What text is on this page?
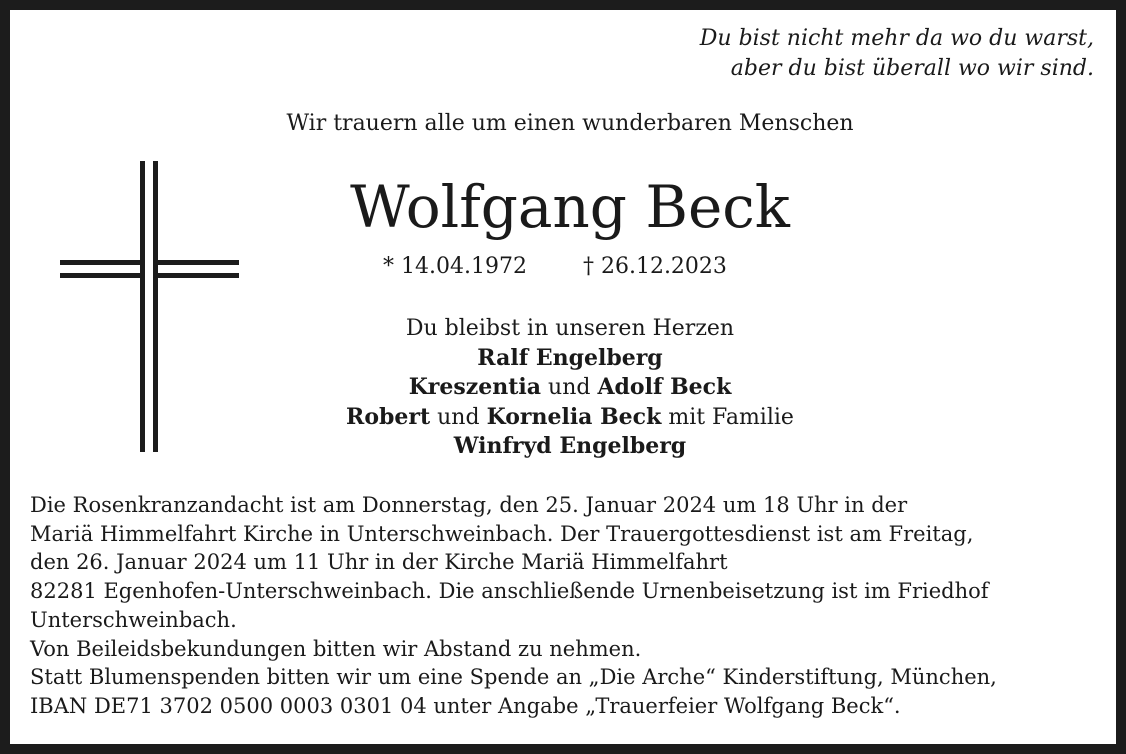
Du bist nicht mehr da wo du warst,
aber du bist überall wo wir sind.
Wir trauern alle um einen wunderbaren Menschen
Wolfgang Beck
* 14.04.1972	† 26.12.2023
Du bleibst in unseren Herzen
Ralf Engelberg
Kreszentia und Adolf Beck
Robert und Kornelia Beck mit Familie
Winfryd Engelberg
Die Rosenkranzandacht ist am Donnerstag, den 25. Januar 2024 um 18 Uhr in der
Mariä Himmelfahrt Kirche in Unterschweinbach. Der Trauergottesdienst ist am Freitag,
den 26. Januar 2024 um 11 Uhr in der Kirche Mariä Himmelfahrt
82281 Egenhofen-Unterschweinbach. Die anschließende Urnenbeisetzung ist im Friedhof
Unterschweinbach.
Von Beileidsbekundungen bitten wir Abstand zu nehmen.
Statt Blumenspenden bitten wir um eine Spende an „Die Arche“ Kinderstiftung, München,
IBAN DE71 3702 0500 0003 0301 04 unter Angabe „Trauerfeier Wolfgang Beck“.
